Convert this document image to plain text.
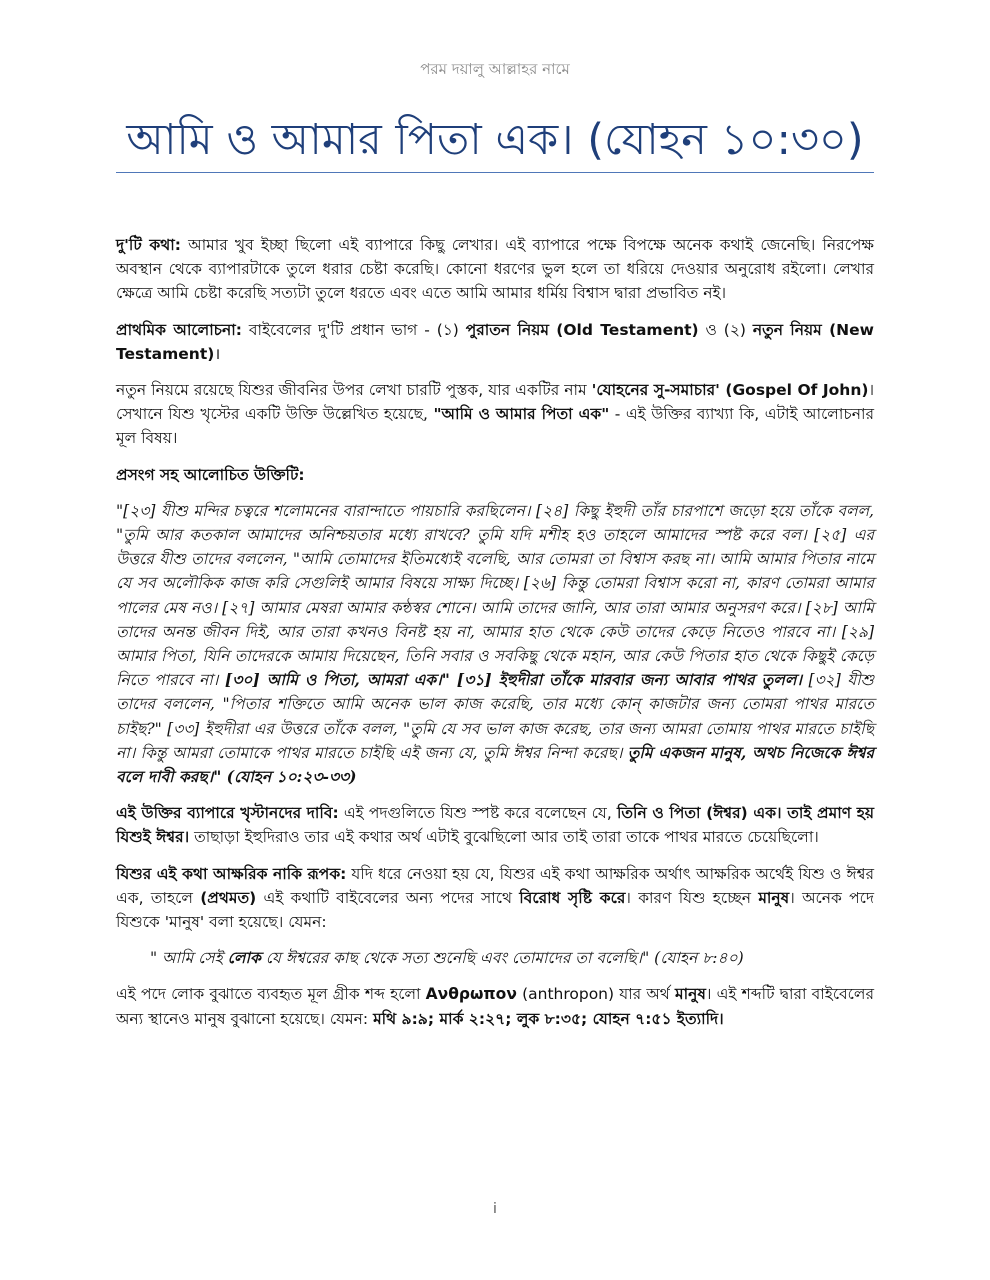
পরম দয়ালু আল্লাহর নামে
আমি ও আমার পিতা এক। (যোহন ১০:৩০)

দু'টি কথা: আমার খুব ইচ্ছা ছিলো এই ব্যাপারে কিছু লেখার। এই ব্যাপারে পক্ষে বিপক্ষে অনেক কথাই জেনেছি। নিরপেক্ষ অবস্থান থেকে ব্যাপারটাকে তুলে ধরার চেষ্টা করেছি। কোনো ধরণের ভুল হলে তা ধরিয়ে দেওয়ার অনুরোধ রইলো। লেখার ক্ষেত্রে আমি চেষ্টা করেছি সত্যটা তুলে ধরতে এবং এতে আমি আমার ধর্মিয় বিশ্বাস দ্বারা প্রভাবিত নই।

প্রাথমিক আলোচনা: বাইবেলের দু'টি প্রধান ভাগ - (১) পুরাতন নিয়ম (Old Testament) ও (২) নতুন নিয়ম (New Testament)।

নতুন নিয়মে রয়েছে যিশুর জীবনির উপর লেখা চারটি পুস্তক, যার একটির নাম 'যোহনের সু-সমাচার' (Gospel Of John)। সেখানে যিশু খৃস্টের একটি উক্তি উল্লেখিত হয়েছে, "আমি ও আমার পিতা এক" - এই উক্তির ব্যাখ্যা কি, এটাই আলোচনার মূল বিষয়।

প্রসংগ সহ আলোচিত উক্তিটি:

"[২৩] যীশু মন্দির চত্বরে শলোমনের বারান্দাতে পায়চারি করছিলেন। [২৪] কিছু ইহুদী তাঁর চারপাশে জড়ো হয়ে তাঁকে বলল, "তুমি আর কতকাল আমাদের অনিশ্চয়তার মধ্যে রাখবে? তুমি যদি মশীহ হও তাহলে আমাদের স্পষ্ট করে বল। [২৫] এর উত্তরে যীশু তাদের বললেন, "আমি তোমাদের ইতিমধ্যেই বলেছি, আর তোমরা তা বিশ্বাস করছ না। আমি আমার পিতার নামে যে সব অলৌকিক কাজ করি সেগুলিই আমার বিষয়ে সাক্ষ্য দিচ্ছে। [২৬] কিন্তু তোমরা বিশ্বাস করো না, কারণ তোমরা আমার পালের মেষ নও। [২৭] আমার মেষরা আমার কন্ঠস্বর শোনে। আমি তাদের জানি, আর তারা আমার অনুসরণ করে। [২৮] আমি তাদের অনন্ত জীবন দিই, আর তারা কখনও বিনষ্ট হয় না, আমার হাত থেকে কেউ তাদের কেড়ে নিতেও পারবে না। [২৯] আমার পিতা, যিনি তাদেরকে আমায় দিয়েছেন, তিনি সবার ও সবকিছু থেকে মহান, আর কেউ পিতার হাত থেকে কিছুই কেড়ে নিতে পারবে না। [৩০] আমি ও পিতা, আমরা এক।" [৩১] ইহুদীরা তাঁকে মারবার জন্য আবার পাথর তুলল। [৩২] যীশু তাদের বললেন, "পিতার শক্তিতে আমি অনেক ভাল কাজ করেছি, তার মধ্যে কোন্ কাজটার জন্য তোমরা পাথর মারতে চাইছ?" [৩৩] ইহুদীরা এর উত্তরে তাঁকে বলল, "তুমি যে সব ভাল কাজ করেছ, তার জন্য আমরা তোমায় পাথর মারতে চাইছি না। কিন্তু আমরা তোমাকে পাথর মারতে চাইছি এই জন্য যে, তুমি ঈশ্বর নিন্দা করেছ। তুমি একজন মানুষ, অথচ নিজেকে ঈশ্বর বলে দাবী করছ।" (যোহন ১০:২৩-৩৩)

এই উক্তির ব্যাপারে খৃস্টানদের দাবি: এই পদগুলিতে যিশু স্পষ্ট করে বলেছেন যে, তিনি ও পিতা (ঈশ্বর) এক। তাই প্রমাণ হয় যিশুই ঈশ্বর। তাছাড়া ইহুদিরাও তার এই কথার অর্থ এটাই বুঝেছিলো আর তাই তারা তাকে পাথর মারতে চেয়েছিলো।

যিশুর এই কথা আক্ষরিক নাকি রূপক: যদি ধরে নেওয়া হয় যে, যিশুর এই কথা আক্ষরিক অর্থাৎ আক্ষরিক অর্থেই যিশু ও ঈশ্বর এক, তাহলে (প্রথমত) এই কথাটি বাইবেলের অন্য পদের সাথে বিরোধ সৃষ্টি করে। কারণ যিশু হচ্ছেন মানুষ। অনেক পদে যিশুকে 'মানুষ' বলা হয়েছে। যেমন:

" আমি সেই লোক যে ঈশ্বরের কাছ থেকে সত্য শুনেছি এবং তোমাদের তা বলেছি।" (যোহন ৮:৪০)

এই পদে লোক বুঝাতে ব্যবহৃত মূল গ্রীক শব্দ হলো Ανθρωπον (anthropon) যার অর্থ মানুষ। এই শব্দটি দ্বারা বাইবেলের অন্য স্থানেও মানুষ বুঝানো হয়েছে। যেমন: মথি ৯:৯; মার্ক ২:২৭; লুক ৮:৩৫; যোহন ৭:৫১ ইত্যাদি।

i
